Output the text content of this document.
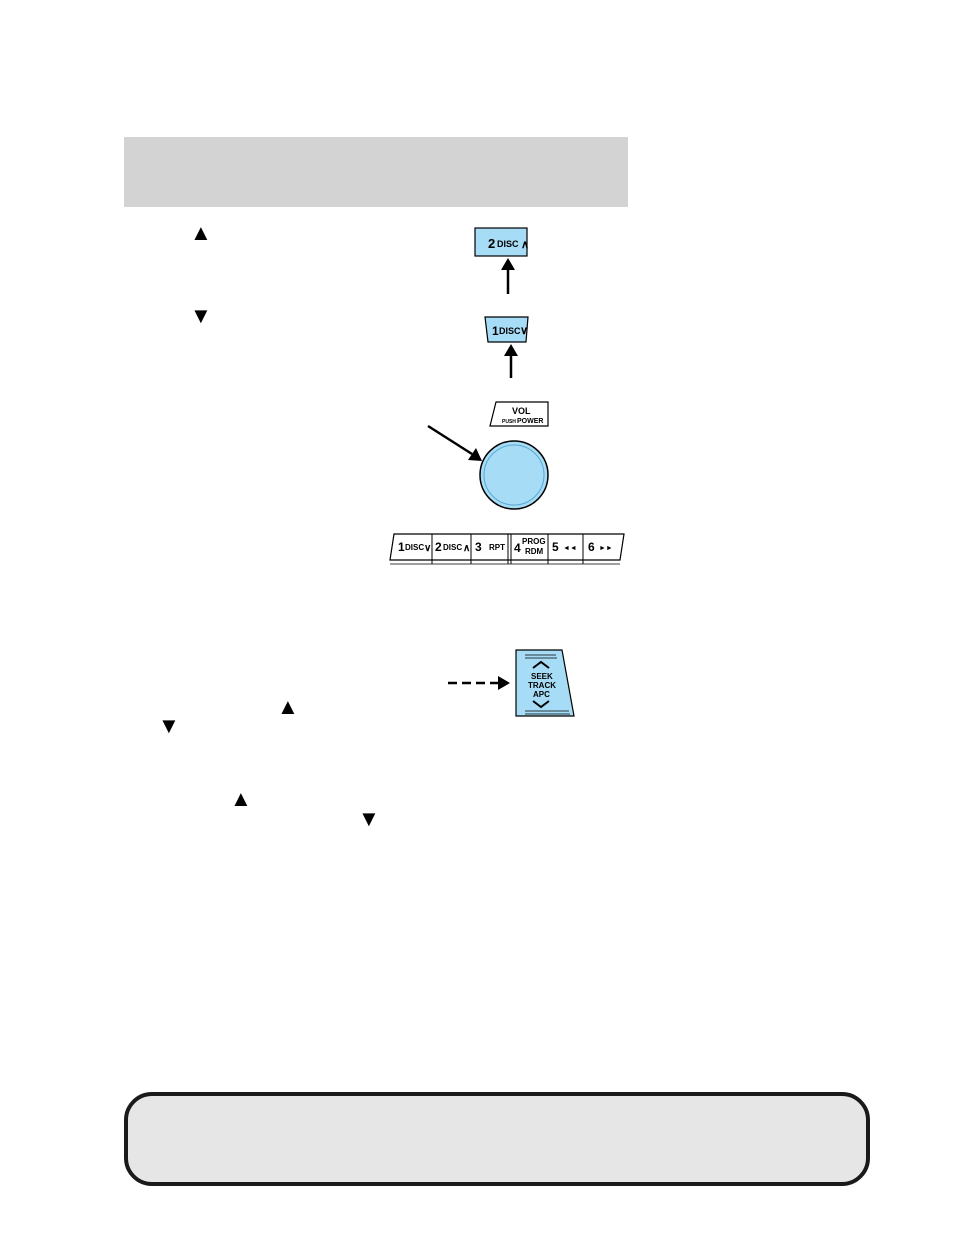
▲
▼
▲
▼
▲
▼
2 DISC ∧
1 DISC ∨
VOL
PUSH POWER
1 DISC ∨ 2 DISC ∧ 3 RPT 4 PROG
RDM 5 ◄◄ 6 ►►
SEEK
TRACK
APC
